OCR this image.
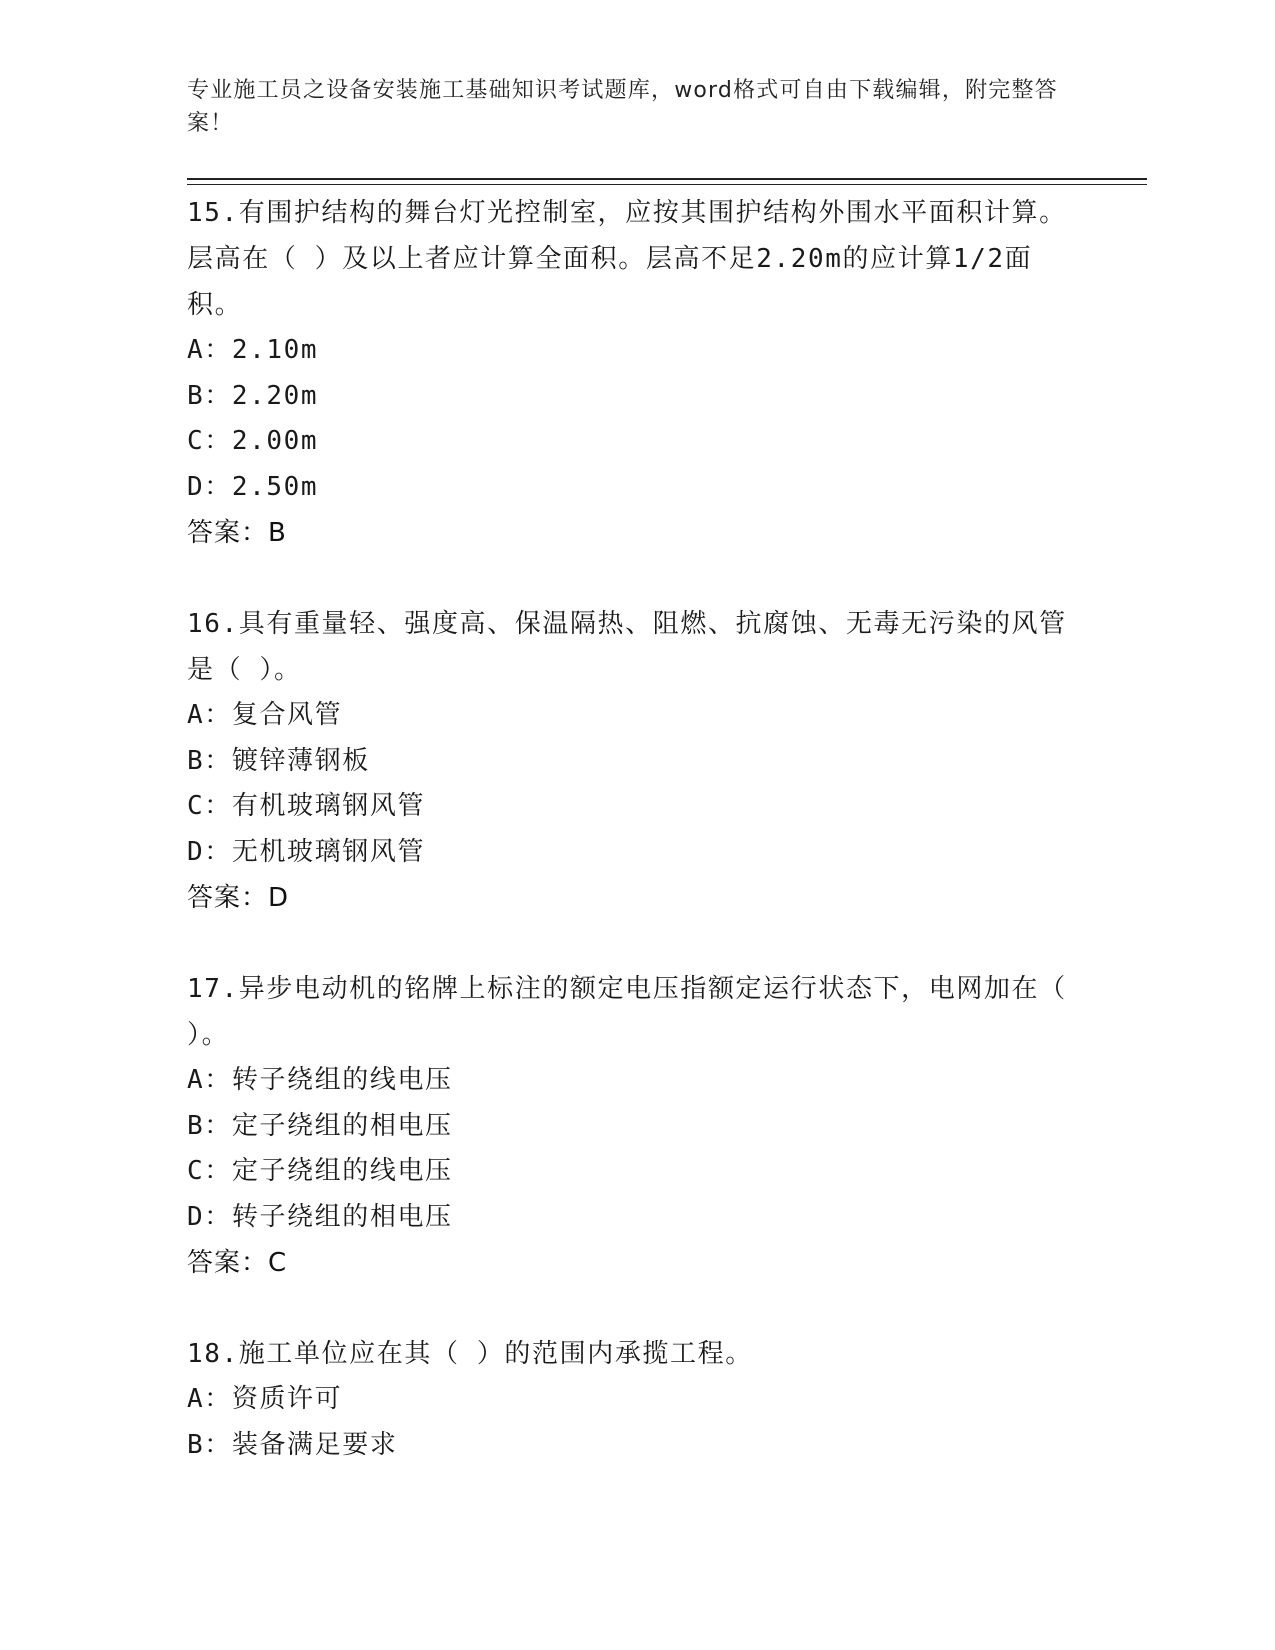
专业施工员之设备安装施工基础知识考试题库，word格式可自由下载编辑，附完整答案！
15.有围护结构的舞台灯光控制室，应按其围护结构外围水平面积计算。层高在（ ）及以上者应计算全面积。层高不足2.20m的应计算1/2面积。
A：2.10m
B：2.20m
C：2.00m
D：2.50m
答案：B
16.具有重量轻、强度高、保温隔热、阻燃、抗腐蚀、无毒无污染的风管是（ ）。
A：复合风管
B：镀锌薄钢板
C：有机玻璃钢风管
D：无机玻璃钢风管
答案：D
17.异步电动机的铭牌上标注的额定电压指额定运行状态下，电网加在（ ）。
A：转子绕组的线电压
B：定子绕组的相电压
C：定子绕组的线电压
D：转子绕组的相电压
答案：C
18.施工单位应在其（ ）的范围内承揽工程。
A：资质许可
B：装备满足要求
